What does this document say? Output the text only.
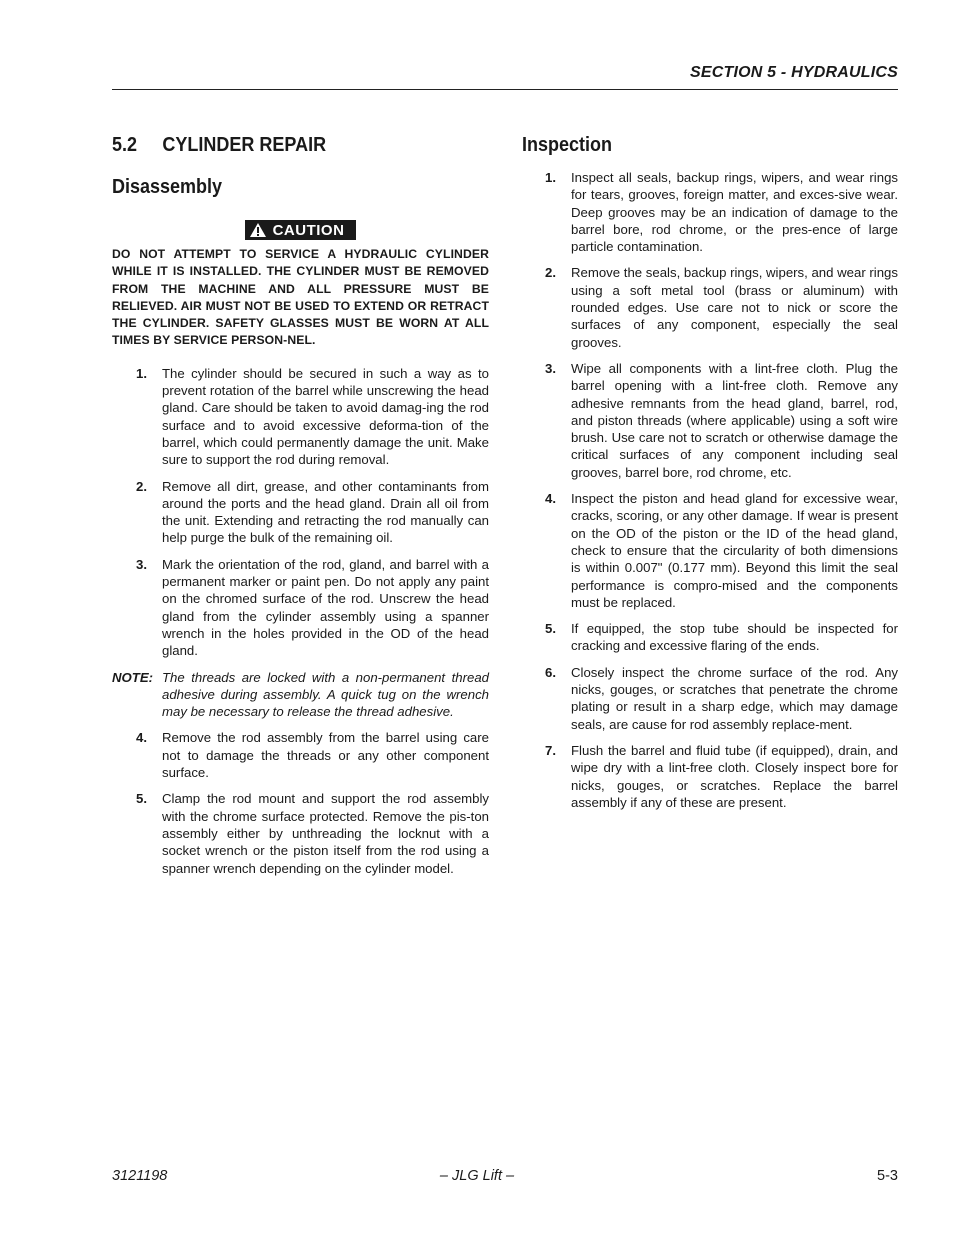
SECTION 5 - HYDRAULICS
5.2 CYLINDER REPAIR
Disassembly
CAUTION
DO NOT ATTEMPT TO SERVICE A HYDRAULIC CYLINDER WHILE IT IS INSTALLED. THE CYLINDER MUST BE REMOVED FROM THE MACHINE AND ALL PRESSURE MUST BE RELIEVED. AIR MUST NOT BE USED TO EXTEND OR RETRACT THE CYLINDER. SAFETY GLASSES MUST BE WORN AT ALL TIMES BY SERVICE PERSON-NEL.
1. The cylinder should be secured in such a way as to prevent rotation of the barrel while unscrewing the head gland. Care should be taken to avoid damag-ing the rod surface and to avoid excessive deforma-tion of the barrel, which could permanently damage the unit. Make sure to support the rod during removal.
2. Remove all dirt, grease, and other contaminants from around the ports and the head gland. Drain all oil from the unit. Extending and retracting the rod manually can help purge the bulk of the remaining oil.
3. Mark the orientation of the rod, gland, and barrel with a permanent marker or paint pen. Do not apply any paint on the chromed surface of the rod. Unscrew the head gland from the cylinder assembly using a spanner wrench in the holes provided in the OD of the head gland.
NOTE: The threads are locked with a non-permanent thread adhesive during assembly. A quick tug on the wrench may be necessary to release the thread adhesive.
4. Remove the rod assembly from the barrel using care not to damage the threads or any other component surface.
5. Clamp the rod mount and support the rod assembly with the chrome surface protected. Remove the pis-ton assembly either by unthreading the locknut with a socket wrench or the piston itself from the rod using a spanner wrench depending on the cylinder model.
Inspection
1. Inspect all seals, backup rings, wipers, and wear rings for tears, grooves, foreign matter, and exces-sive wear. Deep grooves may be an indication of damage to the barrel bore, rod chrome, or the pres-ence of large particle contamination.
2. Remove the seals, backup rings, wipers, and wear rings using a soft metal tool (brass or aluminum) with rounded edges. Use care not to nick or score the surfaces of any component, especially the seal grooves.
3. Wipe all components with a lint-free cloth. Plug the barrel opening with a lint-free cloth. Remove any adhesive remnants from the head gland, barrel, rod, and piston threads (where applicable) using a soft wire brush. Use care not to scratch or otherwise damage the critical surfaces of any component including seal grooves, barrel bore, rod chrome, etc.
4. Inspect the piston and head gland for excessive wear, cracks, scoring, or any other damage. If wear is present on the OD of the piston or the ID of the head gland, check to ensure that the circularity of both dimensions is within 0.007" (0.177 mm). Beyond this limit the seal performance is compro-mised and the components must be replaced.
5. If equipped, the stop tube should be inspected for cracking and excessive flaring of the ends.
6. Closely inspect the chrome surface of the rod. Any nicks, gouges, or scratches that penetrate the chrome plating or result in a sharp edge, which may damage seals, are cause for rod assembly replace-ment.
7. Flush the barrel and fluid tube (if equipped), drain, and wipe dry with a lint-free cloth. Closely inspect bore for nicks, gouges, or scratches. Replace the barrel assembly if any of these are present.
– JLG Lift –
3121198	5-3
